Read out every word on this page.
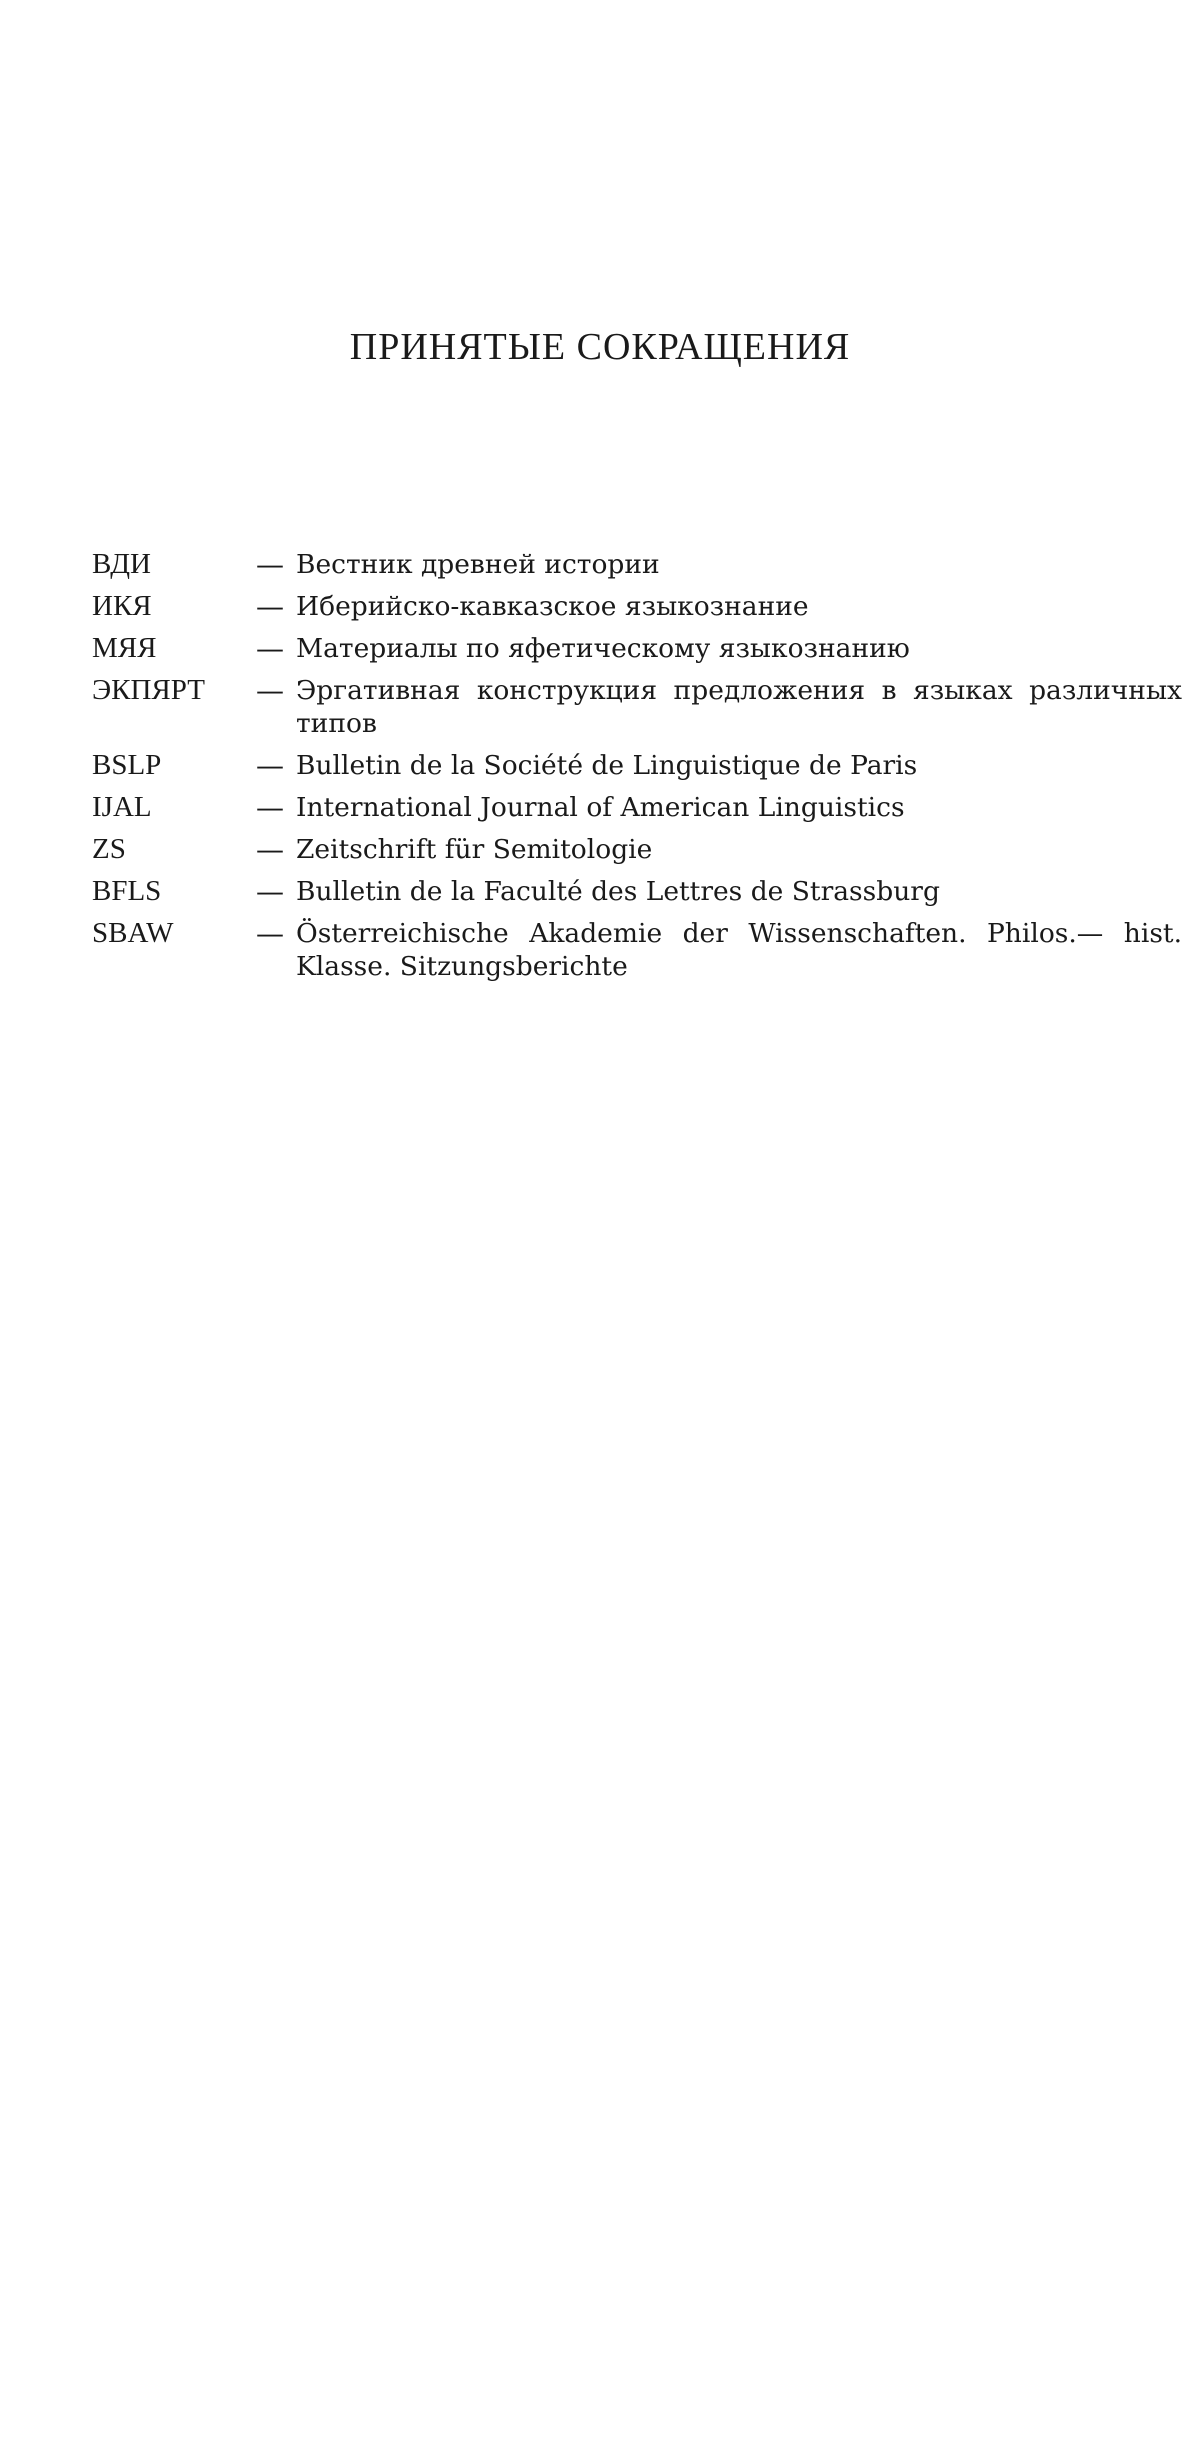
ПРИНЯТЫЕ СОКРАЩЕНИЯ
ВДИ	— Вестник древней истории
ИКЯ	— Иберийско-кавказское языкознание
МЯЯ	— Материалы по яфетическому языкознанию
ЭКПЯРТ	— Эргативная конструкция предложения в языках различных типов
BSLP	— Bulletin de la Société de Linguistique de Paris
IJAL	— International Journal of American Linguistics
ZS	— Zeitschrift für Semitologie
BFLS	— Bulletin de la Faculté des Lettres de Strassburg
SBAW	— Österreichische Akademie der Wissenschaften. Philos.— hist. Klasse. Sitzungsberichte
